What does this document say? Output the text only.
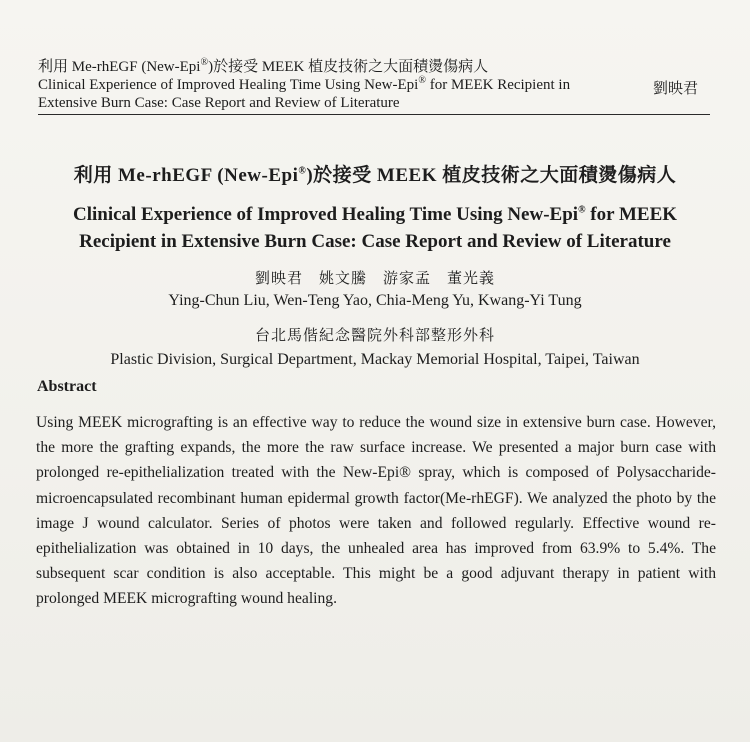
利用 Me-rhEGF (New-Epi®)於接受 MEEK 植皮技術之大面積燙傷病人
Clinical Experience of Improved Healing Time Using New-Epi® for MEEK Recipient in
Extensive Burn Case: Case Report and Review of Literature
劉映君
利用 Me-rhEGF (New-Epi®)於接受 MEEK 植皮技術之大面積燙傷病人
Clinical Experience of Improved Healing Time Using New-Epi® for MEEK
Recipient in Extensive Burn Case: Case Report and Review of Literature
劉映君　姚文騰　游家孟　董光義
Ying-Chun Liu, Wen-Teng Yao, Chia-Meng Yu, Kwang-Yi Tung
台北馬偕紀念醫院外科部整形外科
Plastic Division, Surgical Department, Mackay Memorial Hospital, Taipei, Taiwan
Abstract
Using MEEK micrografting is an effective way to reduce the wound size in extensive burn case. However, the more the grafting expands, the more the raw surface increase. We presented a major burn case with prolonged re-epithelialization treated with the New-Epi® spray, which is composed of Polysaccharide-microencapsulated recombinant human epidermal growth factor(Me-rhEGF). We analyzed the photo by the image J wound calculator. Series of photos were taken and followed regularly. Effective wound re-epithelialization was obtained in 10 days, the unhealed area has improved from 63.9% to 5.4%. The subsequent scar condition is also acceptable. This might be a good adjuvant therapy in patient with prolonged MEEK micrografting wound healing.
